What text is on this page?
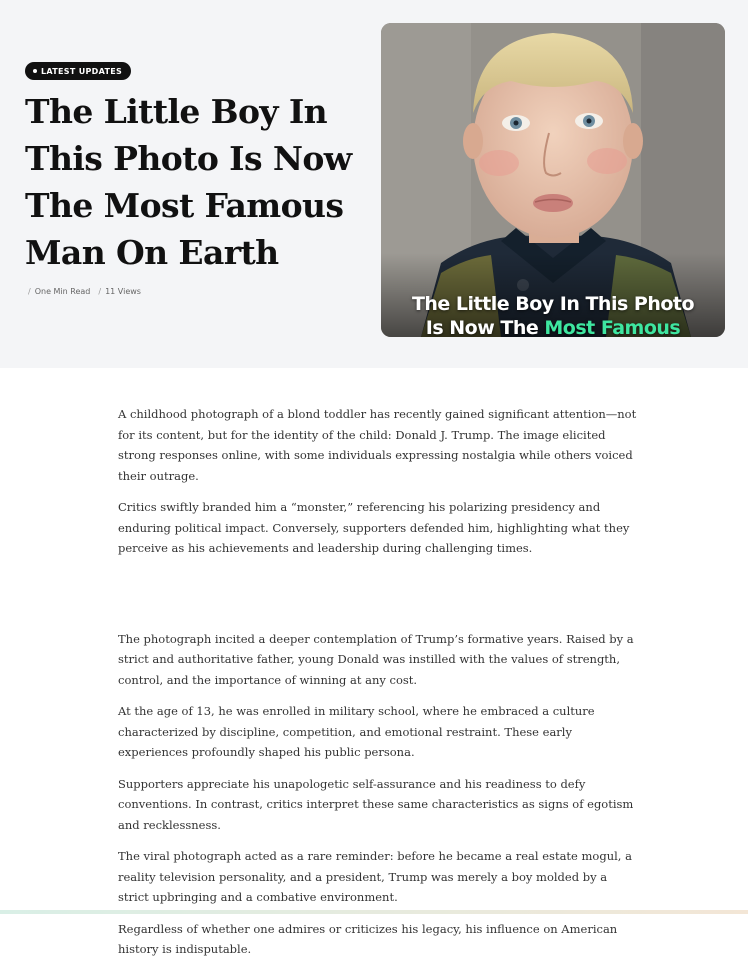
LATEST UPDATES
The Little Boy In This Photo Is Now The Most Famous Man On Earth
/ One Min Read / 11 Views
The Little Boy In This Photo
Is Now The Most Famous

A childhood photograph of a blond toddler has recently gained significant attention—not for its content, but for the identity of the child: Donald J. Trump. The image elicited strong responses online, with some individuals expressing nostalgia while others voiced their outrage.

Critics swiftly branded him a “monster,” referencing his polarizing presidency and enduring political impact. Conversely, supporters defended him, highlighting what they perceive as his achievements and leadership during challenging times.

The photograph incited a deeper contemplation of Trump’s formative years. Raised by a strict and authoritative father, young Donald was instilled with the values of strength, control, and the importance of winning at any cost.

At the age of 13, he was enrolled in military school, where he embraced a culture characterized by discipline, competition, and emotional restraint. These early experiences profoundly shaped his public persona.

Supporters appreciate his unapologetic self-assurance and his readiness to defy conventions. In contrast, critics interpret these same characteristics as signs of egotism and recklessness.

The viral photograph acted as a rare reminder: before he became a real estate mogul, a reality television personality, and a president, Trump was merely a boy molded by a strict upbringing and a combative environment.

Regardless of whether one admires or criticizes his legacy, his influence on American history is indisputable.
